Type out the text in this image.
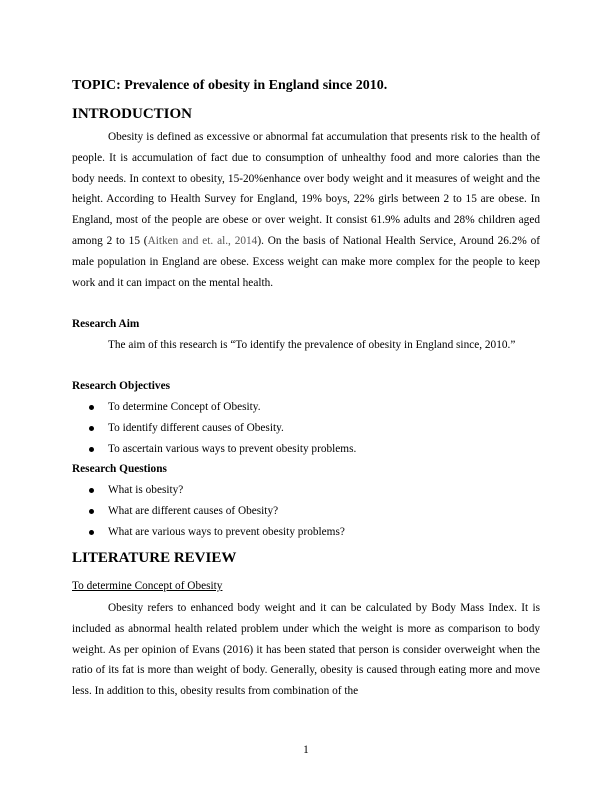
TOPIC: Prevalence of obesity in England since 2010.
INTRODUCTION

Obesity is defined as excessive or abnormal fat accumulation that presents risk to the health of people. It is accumulation of fact due to consumption of unhealthy food and more calories than the body needs. In context to obesity, 15-20%enhance over body weight and it measures of weight and the height. According to Health Survey for England, 19% boys, 22% girls between 2 to 15 are obese. In England, most of the people are obese or over weight. It consist 61.9% adults and 28% children aged among 2 to 15 (Aitken and et. al., 2014). On the basis of National Health Service, Around 26.2% of male population in England are obese. Excess weight can make more complex for the people to keep work and it can impact on the mental health.

Research Aim

The aim of this research is “To identify the prevalence of obesity in England since, 2010.”

Research Objectives
To determine Concept of Obesity.
To identify different causes of Obesity.
To ascertain various ways to prevent obesity problems.
Research Questions
What is obesity?
What are different causes of Obesity?
What are various ways to prevent obesity problems?
LITERATURE REVIEW
To determine Concept of Obesity

Obesity refers to enhanced body weight and it can be calculated by Body Mass Index. It is included as abnormal health related problem under which the weight is more as comparison to body weight. As per opinion of Evans (2016) it has been stated that person is consider overweight when the ratio of its fat is more than weight of body. Generally, obesity is caused through eating more and move less. In addition to this, obesity results from combination of the

1
